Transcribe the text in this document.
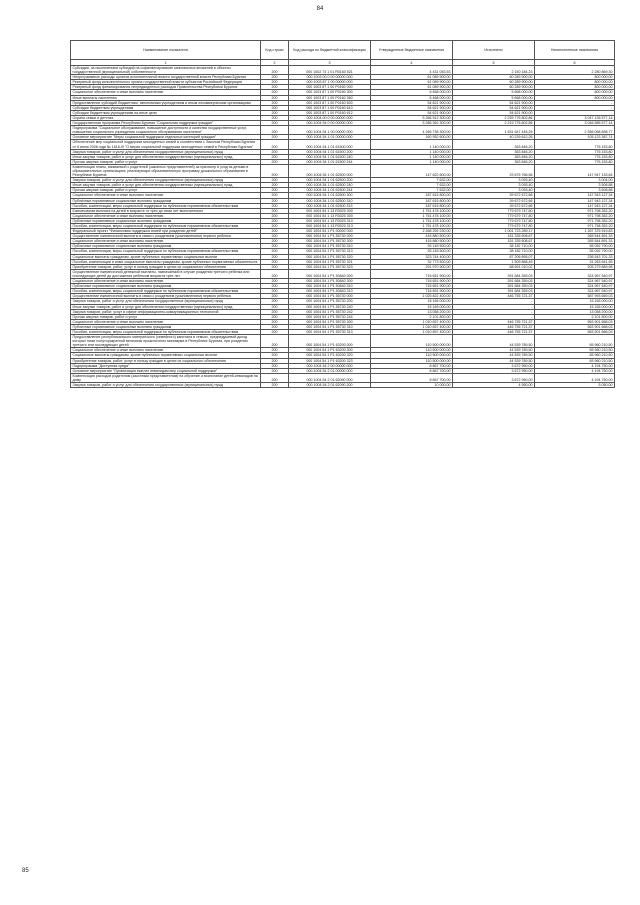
84
Наименование показателя	Код строки	Код расхода по бюджетной классификации	Утвержденные бюджетные назначения	Исполнено	Неисполненные назначения
1	2	3	4	5	6
Субсидии, за исключением субсидий на софинансирование капитальных вложений в объекты государственной (муниципальной) собственности	200	000 1002 74 1 01 R0160 521	4 431 053,53	2 150 184,23	2 280 869,30
Непрограммные расходы органов исполнительной власти государственной власти Республики Бурятия	200	000 1003 00 0 00 00000 000	61 089 900,00	60 289 900,00	800 000,00
Резервный фонд исполнительного органа государственной власти субъектов Российской Федерации	200	000 1003 87 1 00 00000 000	61 089 900,00	60 289 900,00	800 000,00
Резервный фонд финансирования непредвиденных расходов Правительства Республики Бурятия	200	000 1003 87 1 00 P0160 000	61 089 900,00	60 289 900,00	800 000,00
Социальное обеспечение и иные выплаты населению	200	000 1003 87 1 00 P0160 300	6 468 000,00	5 668 000,00	800 000,00
Иные выплаты населению	200	000 1003 87 1 00 P0160 360	6 468 000,00	5 668 000,00	800 000,00
Предоставление субсидий бюджетным, автономным учреждениям и иным некоммерческим организациям	200	000 1003 87 1 00 P0160 600	54 621 900,00	54 621 900,00	-
Субсидии бюджетным учреждениям	200	000 1003 87 1 00 P0160 610	54 621 900,00	54 621 900,00	-
Субсидии бюджетным учреждениям на иные цели	200	000 1003 87 1 00 P0160 612	54 621 900,00	54 621 900,00	-
Охрана семьи и детства	200	000 1004 00 0 00 00000 000	5 286 912 300,00	2 239 776 802,86	3 047 135 577,14
Государственная программа Республики Бурятия "Социальная поддержка граждан"	200	000 1004 54 0 00 00000 000	5 286 362 300,00	2 219 776 802,86	3 046 585 577,14
Подпрограмма "Социальное обслуживание, повышение доступности и качества государственных услуг, повышения социального учреждения социального обслуживания населения"	200	000 1004 54 1 00 00000 000	4 265 738 300,00	1 631 647 445,25	2 356 068 898,77
Основное мероприятие "Меры социальной поддержки отдельных категорий граждан"	200	000 1004 54 1 01 00000 000	160 952 600,00	40 239 612,26	105 123 387,74
Обеспечение мер социальной поддержки многодетных семей в соответствии с Законом Республики Бурятия от 6 июня 2006 года № 1616-III "О мерах социальной поддержки многодетных семей в Республике Бурятия"	200	000 1004 54 1 01 61500 000	1 140 000,00	363 846,20	776 153,80
Закупка товаров, работ и услуг для обеспечения государственных (муниципальных) нужд	200	000 1004 54 1 01 61500 200	1 140 000,00	363 846,20	776 153,80
Иные закупки товаров, работ и услуг для обеспечения государственных (муниципальных) нужд	200	000 1004 54 1 01 61500 240	1 140 000,00	363 846,20	776 153,80
Прочая закупка товаров, работ и услуг	200	000 1004 54 1 01 61500 244	1 140 000,00	363 846,20	776 153,80
Компенсация платы, взимаемой с родителей (законных представителей) за присмотр и уход за детьми в образовательных организациях, реализующих образовательную программу дошкольного образования в Республике Бурятия	200	000 1004 54 1 01 62500 000	147 622 600,00	29 675 766,56	147 947 133,64
Закупка товаров, работ и услуг для обеспечения государственных (муниципальных) нужд	200	000 1004 54 1 01 62500 200	7 632,00	3 093,40	3 004,00
Иные закупки товаров, работ и услуг для обеспечения государственных (муниципальных) нужд	200	000 1004 54 1 01 62500 240	7 632,00	3 093,40	3 508,88
Прочая закупка товаров, работ и услуг	200	000 1004 54 1 01 62500 244	7 632,00	3 093,40	3 508,88
Социальное обеспечение и иные выплаты населению	200	000 1004 54 1 01 62500 300	187 615 800,00	39 672 672,66	147 943 127,34
Публичные нормативные социальные выплаты гражданам	200	000 1004 54 1 01 62500 310	187 615 800,00	39 672 672,66	147 943 127,34
Пособия, компенсации, меры социальной поддержки по публичным нормативным обязательствам	200	000 1004 54 1 01 62500 313	187 615 800,00	39 672 672,66	147 943 127,34
Ежемесячная выплата на детей в возрасте от трех до семи лет включительно	200	000 1004 54 1 13 R3020 000	1 751 478 100,00	779 679 747,80	971 798 352,20
Социальное обеспечение и иные выплаты населению	200	000 1004 54 1 13 R3020 300	1 751 478 100,00	779 679 747,80	971 798 352,20
Публичные нормативные социальные выплаты гражданам	200	000 1004 54 1 13 R3020 310	1 751 478 100,00	779 679 747,80	971 798 352,20
Пособия, компенсации, меры социальной поддержки по публичным нормативным обязательствам	200	000 1004 54 1 13 R3020 313	1 751 478 100,00	779 679 747,80	971 798 352,20
Федеральный проект "Финансовая поддержка семей при рождении детей"	200	000 1004 54 1 P1 00000 000	2 268 259 230,00	1 001 723 289,17	1 267 375 919,83
Осуществление ежемесячной выплаты в связи с рождением (усыновлением) первого ребенка	200	000 1004 54 1 P1 55730 000	416 880 500,00	151 335 608,67	265 544 891,33
Социальное обеспечение и иные выплаты населению	200	000 1004 54 1 P1 55730 300	416 880 500,00	151 335 608,67	265 544 891,33
Публичные нормативные социальные выплаты гражданам	200	000 1004 54 1 P1 55730 310	93 145 500,00	38 182 710,00	55 092 790,00
Пособия, компенсации, меры социальной поддержки по публичным нормативным обязательствам	200	000 1004 54 1 P1 55730 313	93 145 500,00	38 182 710,00	55 092 790,00
Социальные выплаты гражданам, кроме публичных нормативных социальных выплат	200	000 1004 54 1 P1 55730 320	323 744 400,00	87 206 895,07	236 543 701,33
Пособия, компенсации и иные социальные выплаты гражданам, кроме публичных нормативных обязательств	200	000 1004 54 1 P1 55730 321	32 773 500,00	1 509 868,45	31 263 641,55
Приобретение товаров, работ, услуг в пользу граждан в целях их социального обеспечения	200	000 1004 54 1 P1 55730 323	291 970 900,00	68 691 010,02	205 279 889,98
Осуществление ежемесячной денежной выплаты, назначаемой в случае рождения третьего ребенка или последующих детей до достижения ребенком возраста трех лет	200	000 1004 54 1 P1 50840 000	716 651 900,00	391 684 359,03	324 967 540,97
Социальное обеспечение и иные выплаты населению	200	000 1004 54 1 P1 50840 300	716 651 900,00	391 684 359,03	324 967 540,97
Публичные нормативные социальные выплаты гражданам	200	000 1004 54 1 P1 50840 310	716 651 900,00	391 684 359,03	324 967 540,97
Пособия, компенсации, меры социальной поддержки по публичным нормативным обязательствам	200	000 1004 54 1 P1 50840 313	716 651 900,00	391 684 359,03	324 967 540,97
Осуществление ежемесячной выплаты в связи с рождением (усыновлением) первого ребенка	200	000 1004 54 1 P1 55730 000	1 025 822 400,00	446 755 721,37	587 993 669,03
Закупка товаров, работ и услуг для обеспечения государственных (муниципальных) нужд	200	000 1004 54 1 P1 55730 200	15 165 000,00	-	15 165 000,00
Иные закупки товаров, работ и услуг для обеспечения государственных (муниципальных) нужд	200	000 1004 54 1 P1 55730 240	15 165 000,00	-	15 165 000,00
Закупка товаров, работ, услуг в сфере информационно-коммуникационных технологий	200	000 1004 54 1 P1 55730 242	13 058 200,00	-	13 058 200,00
Прочая закупка товаров, работ и услуг	200	000 1004 54 1 P1 55730 244	2 101 800,00	-	2 101 800,00
Социальное обеспечение и иные выплаты населению	200	000 1004 54 1 P1 55730 300	1 010 657 400,00	446 755 721,37	563 901 668,03
Публичные нормативные социальные выплаты гражданам	200	000 1004 54 1 P1 55730 310	1 010 657 400,00	446 755 721,37	563 901 668,03
Пособия, компенсации, меры социальной поддержки по публичным нормативным обязательствам	200	000 1004 54 1 P1 55730 313	1 010 657 400,00	446 755 721,37	563 901 668,03
Предоставление республиканского материнского (семейного) капитала в семьях, среднедушевой доход которых ниже полуторакратной величины прожиточного минимума в Республике Бурятия, при рождении третьего или последующих детей	200	000 1004 54 1 P1 63200 000	110 500 000,00	44 539 789,50	65 960 210,50
Социальное обеспечение и иные выплаты населению	200	000 1004 54 1 P1 63200 300	110 500 000,00	44 539 789,50	65 960 210,50
Социальные выплаты гражданам, кроме публичных нормативных социальных выплат	200	000 1004 54 1 P1 63200 320	110 500 000,00	44 539 789,50	65 960 210,50
Приобретение товаров, работ, услуг в пользу граждан в целях их социального обеспечения	200	000 1004 54 1 P1 63200 323	110 500 000,00	44 539 789,50	65 960 210,50
Подпрограмма "Доступная среда"	200	000 1004 54 2 00 00000 000	8 867 700,00	3 672 950,00	4 194 750,00
Основное мероприятие "Организация выплат инвалидам мер социальной поддержки"	200	000 1004 54 2 01 00000 000	8 867 700,00	3 672 950,00	4 194 750,00
Компенсация расходов родителям (законным представителям) на обучение и воспитание детей-инвалидов на дому	200	000 1004 54 2 01 62090 000	8 867 700,00	3 672 950,00	4 194 750,00
Закупка товаров, работ и услуг для обеспечения государственных (муниципальных) нужд	200	000 1004 54 2 01 62090 200	10 000,00	4 950,00	5 050,00
85
